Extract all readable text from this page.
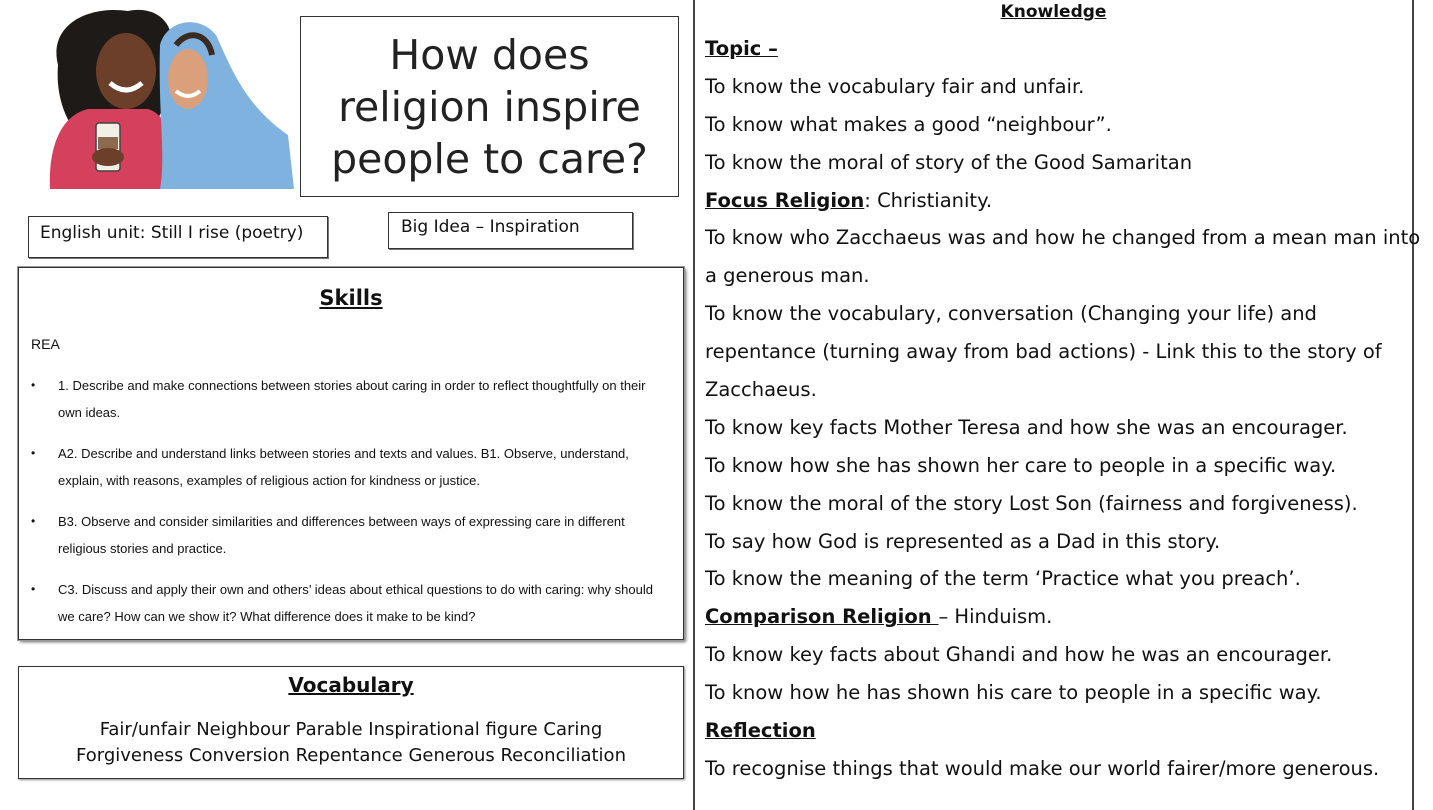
How does religion inspire people to care?
English unit: Still I rise (poetry)	Big Idea – Inspiration
Skills
REA
• 1. Describe and make connections between stories about caring in order to reflect thoughtfully on their own ideas.
• A2. Describe and understand links between stories and texts and values. B1. Observe, understand, explain, with reasons, examples of religious action for kindness or justice.
• B3. Observe and consider similarities and differences between ways of expressing care in different religious stories and practice.
• C3. Discuss and apply their own and others’ ideas about ethical questions to do with caring: why should we care? How can we show it? What difference does it make to be kind?
Vocabulary
Fair/unfair Neighbour Parable Inspirational figure Caring Forgiveness Conversion Repentance Generous Reconciliation
Knowledge
Topic –
To know the vocabulary fair and unfair.
To know what makes a good “neighbour”.
To know the moral of story of the Good Samaritan
Focus Religion: Christianity.
To know who Zacchaeus was and how he changed from a mean man into
a generous man.
To know the vocabulary, conversation (Changing your life) and
repentance (turning away from bad actions) - Link this to the story of
Zacchaeus.
To know key facts Mother Teresa and how she was an encourager.
To know how she has shown her care to people in a specific way.
To know the moral of the story Lost Son (fairness and forgiveness).
To say how God is represented as a Dad in this story.
To know the meaning of the term ‘Practice what you preach’.
Comparison Religion – Hinduism.
To know key facts about Ghandi and how he was an encourager.
To know how he has shown his care to people in a specific way.
Reflection
To recognise things that would make our world fairer/more generous.
